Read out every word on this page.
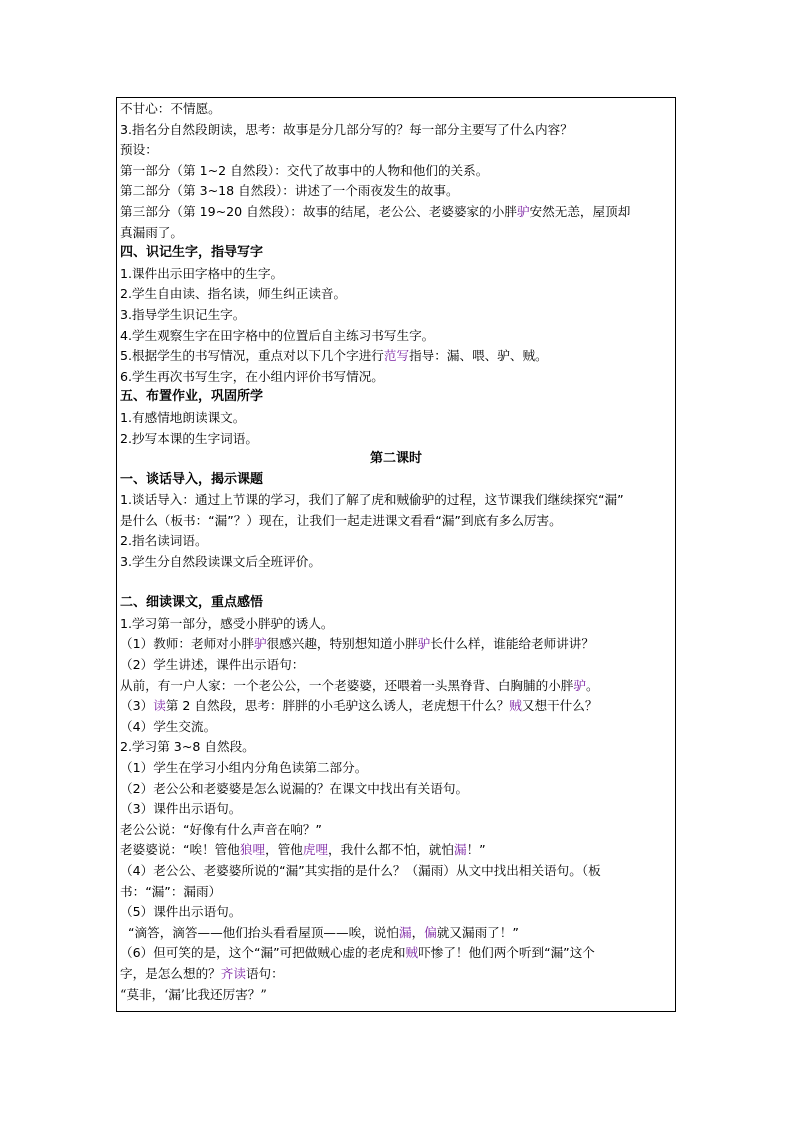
不甘心：不情愿。
3.指名分自然段朗读，思考：故事是分几部分写的？每一部分主要写了什么内容？
预设：
第一部分（第 1~2 自然段）：交代了故事中的人物和他们的关系。
第二部分（第 3~18 自然段）：讲述了一个雨夜发生的故事。
第三部分（第 19~20 自然段）：故事的结尾，老公公、老婆婆家的小胖驴安然无恙，屋顶却
真漏雨了。
四、识记生字，指导写字
1.课件出示田字格中的生字。
2.学生自由读、指名读，师生纠正读音。
3.指导学生识记生字。
4.学生观察生字在田字格中的位置后自主练习书写生字。
5.根据学生的书写情况，重点对以下几个字进行范写指导：漏、喂、驴、贼。
6.学生再次书写生字，在小组内评价书写情况。
五、布置作业，巩固所学
1.有感情地朗读课文。
2.抄写本课的生字词语。
第二课时
一、谈话导入，揭示课题
1.谈话导入：通过上节课的学习，我们了解了虎和贼偷驴的过程，这节课我们继续探究“漏”
是什么（板书：“漏”？）现在，让我们一起走进课文看看“漏”到底有多么厉害。
2.指名读词语。
3.学生分自然段读课文后全班评价。
二、细读课文，重点感悟
1.学习第一部分，感受小胖驴的诱人。
（1）教师：老师对小胖驴很感兴趣，特别想知道小胖驴长什么样，谁能给老师讲讲？
（2）学生讲述，课件出示语句：
从前，有一户人家：一个老公公，一个老婆婆，还喂着一头黑脊背、白胸脯的小胖驴。
（3）读第 2 自然段，思考：胖胖的小毛驴这么诱人，老虎想干什么？贼又想干什么？
（4）学生交流。
2.学习第 3~8 自然段。
（1）学生在学习小组内分角色读第二部分。
（2）老公公和老婆婆是怎么说漏的？在课文中找出有关语句。
（3）课件出示语句。
老公公说：“好像有什么声音在响？”
老婆婆说：“唉！管他狼哩，管他虎哩，我什么都不怕，就怕漏！”
（4）老公公、老婆婆所说的“漏”其实指的是什么？（漏雨）从文中找出相关语句。（板
书：“漏”：漏雨）
（5）课件出示语句。
“滴答，滴答——他们抬头看看屋顶——唉，说怕漏，偏就又漏雨了！”
（6）但可笑的是，这个“漏”可把做贼心虚的老虎和贼吓惨了！他们两个听到“漏”这个
字，是怎么想的？齐读语句：
“莫非，‘漏’比我还厉害？”
